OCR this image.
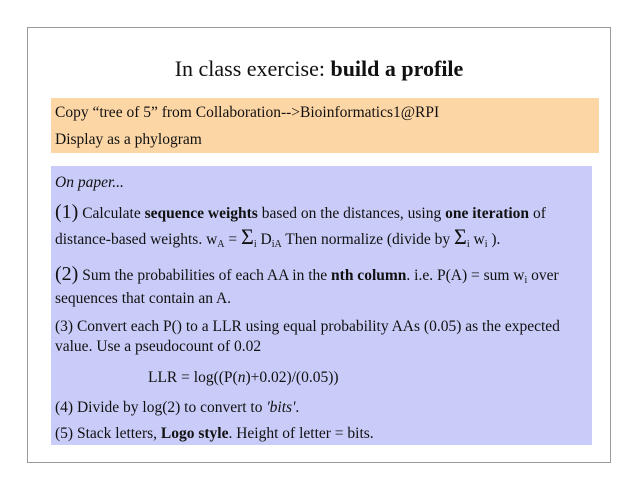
In class exercise: build a profile
Copy “tree of 5” from Collaboration-->Bioinformatics1@RPI
Display as a phylogram
On paper...
(1) Calculate sequence weights based on the distances, using one iteration of
distance-based weights. $w_A = \Sigma_i$ $D_{iA}$ Then normalize (divide by $\Sigma_i$ $w_i$ ).
(2) Sum the probabilities of each AA in the nth column. i.e. P(A) = sum $w_i$ over
sequences that contain an A.
(3) Convert each P() to a LLR using equal probability AAs (0.05) as the expected
value. Use a pseudocount of 0.02
LLR = log((P(n)+0.02)/(0.05))
(4) Divide by log(2) to convert to 'bits'.
(5) Stack letters, Logo style. Height of letter = bits.
